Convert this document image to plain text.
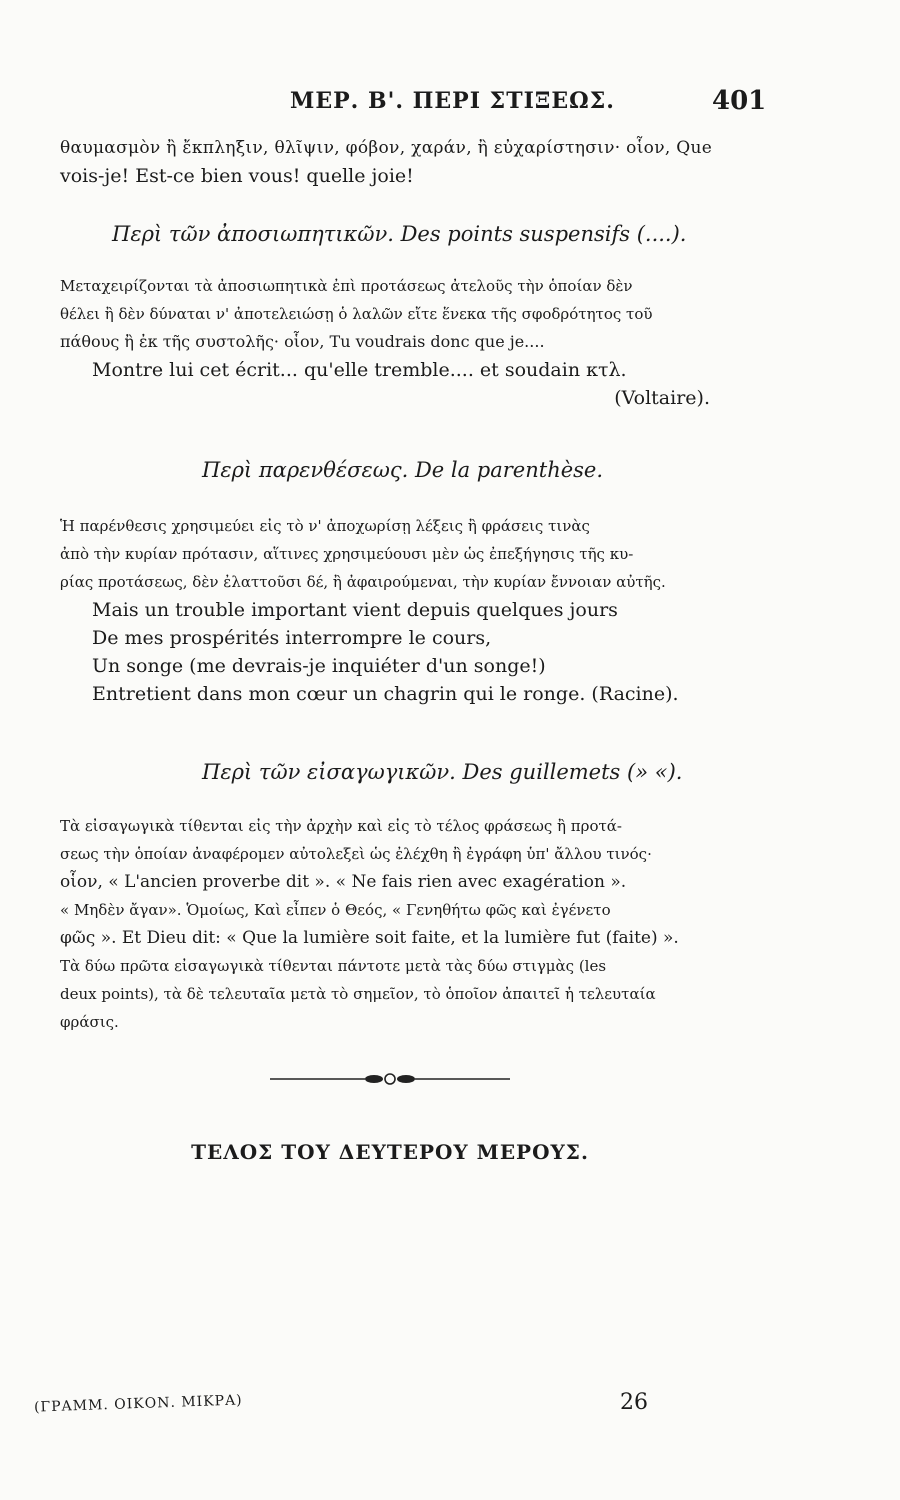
ΜΕΡ. Β'. ΠΕΡΙ ΣΤΙΞΕΩΣ.	401
θαυμασμὸν ἢ ἔκπληξιν, θλῖψιν, φόβον, χαράν, ἢ εὐχαρίστησιν· οἷον, Que
vois-je! Est-ce bien vous! quelle joie!
Περὶ τῶν ἀποσιωπητικῶν. Des points suspensifs (....).
Μεταχειρίζονται τὰ ἀποσιωπητικὰ ἐπὶ προτάσεως ἀτελοῦς τὴν ὁποίαν δὲν
θέλει ἢ δὲν δύναται ν' ἀποτελειώσῃ ὁ λαλῶν εἴτε ἕνεκα τῆς σφοδρότητος τοῦ
πάθους ἢ ἐκ τῆς συστολῆς· οἷον, Tu voudrais donc que je....
Montre lui cet écrit... qu'elle tremble.... et soudain κτλ.
(Voltaire).
Περὶ παρενθέσεως. De la parenthèse.
Ἡ παρένθεσις χρησιμεύει εἰς τὸ ν' ἀποχωρίσῃ λέξεις ἢ φράσεις τινὰς
ἀπὸ τὴν κυρίαν πρότασιν, αἵτινες χρησιμεύουσι μὲν ὡς ἐπεξήγησις τῆς κυ-
ρίας προτάσεως, δὲν ἐλαττοῦσι δέ, ἢ ἀφαιρούμεναι, τὴν κυρίαν ἔννοιαν αὐτῆς.
Mais un trouble important vient depuis quelques jours
De mes prospérités interrompre le cours,
Un songe (me devrais-je inquiéter d'un songe!)
Entretient dans mon cœur un chagrin qui le ronge. (Racine).
Περὶ τῶν εἰσαγωγικῶν. Des guillemets (» «).
Τὰ εἰσαγωγικὰ τίθενται εἰς τὴν ἀρχὴν καὶ εἰς τὸ τέλος φράσεως ἢ προτά-
σεως τὴν ὁποίαν ἀναφέρομεν αὐτολεξεὶ ὡς ἐλέχθη ἢ ἐγράφη ὑπ' ἄλλου τινός·
οἷον, « L'ancien proverbe dit ». « Ne fais rien avec exagération ».
« Μηδὲν ἄγαν». Ὁμοίως, Καὶ εἶπεν ὁ Θεός, « Γενηθήτω φῶς καὶ ἐγένετο
φῶς ». Et Dieu dit: « Que la lumière soit faite, et la lumière fut (faite) ».
Τὰ δύω πρῶτα εἰσαγωγικὰ τίθενται πάντοτε μετὰ τὰς δύω στιγμὰς (les
deux points), τὰ δὲ τελευταῖα μετὰ τὸ σημεῖον, τὸ ὁποῖον ἀπαιτεῖ ἡ τελευταία
φράσις.
ΤΕΛΟΣ ΤΟΥ ΔΕΥΤΕΡΟΥ ΜΕΡΟΥΣ.
(ΓΡΑΜΜ. ΟΙΚΟΝ. ΜΙΚΡΑ)	26
